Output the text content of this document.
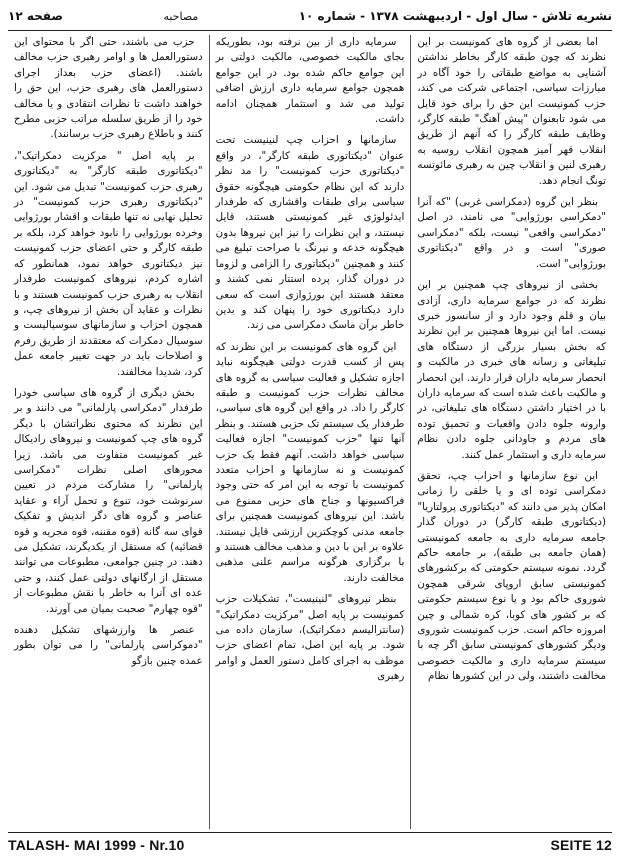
نشریه تلاش - سال اول - اردیبهشت ۱۳۷۸ - شماره ۱۰
مصاحبه
صفحه ۱۲

اما بعضی از گروه های کمونیست بر این نظرند که چون طبقه کارگر بخاطر نداشتن آشنایی به مواضع طبقاتی را خود آگاه در مبارزات سیاسی، اجتماعی شرکت می کند، حزب کمونیست این حق را برای خود قایل می شود تابعنوان "پیش آهنگ" طبقه کارگر، وظایف طبقه کارگر را که آنهم از طریق انقلاب قهر آمیز همچون انقلاب روسیه به رهبری لنین و انقلاب چین به رهبری مائوتسه تونگ انجام دهد.

بنظر این گروه (دمکراسی غربی) "که آنرا "دمکراسی بورژوایی" می نامند، در اصل "دمکراسی واقعی" نیست، بلکه "دمکراسی صوری" است و در واقع "دیکتاتوری بورژوایی" است.

بخشی از نیروهای چپ همچنین بر این نظرند که در جوامع سرمایه داری، آزادی بیان و قلم وجود دارد و از سانسور خبری نیست. اما این نیروها همچنین بر این نظرند که بخش بسیار بزرگی از دستگاه های تبلیغاتی و رسانه های خبری در مالکیت و انحصار سرمایه داران قرار دارند. این انحصار و مالکیت باعث شده است که سرمایه داران با در اختیار داشتن دستگاه های تبلیغاتی، در وارونه جلوه دادن واقعیات و تحمیق توده های مردم و جاودانی جلوه دادن نظام سرمایه داری و استثمار عمل کنند.

این نوع سازمانها و احزاب چپ، تحقق دمکراسی توده ای و یا خلقی را زمانی امکان پذیر می دانند که "دیکتاتوری پرولتاریا" (دیکتاتوری طبقه کارگر) در دوران گذار جامعه سرمایه داری به جامعه کمونیستی (همان جامعه بی طبقه)، بر جامعه حاکم گردد. نمونه سیستم حکومتی که برکشورهای کمونیستی سابق اروپای شرقی همچون شوروی حاکم بود و یا نوع سیستم حکومتی که بر کشور های کوبا، کره شمالی و چین امروزه حاکم است. حزب کمونیست شوروی ودیگر کشورهای کمونیستی سابق اگر چه با سیستم سرمایه داری و مالکیت خصوصی مخالفت داشتند، ولی در این کشورها نظام

سرمایه داری از بین نرفته بود، بطوریکه بجای مالکیت خصوصی، مالکیت دولتی بر این جوامع حاکم شده بود. در این جوامع همچون جوامع سرمایه داری ارزش اضافی تولید می شد و استثمار همچنان ادامه داشت.

سازمانها و احزاب چپ لنینیست تحت عنوان "دیکتاتوری طبقه کارگر"، در واقع "دیکتاتوری حزب کمونیست" را مد نظر دارند که این نظام حکومتی هیچگونه حقوق سیاسی برای طبقات واقشاری که طرفدار ایدئولوژی غیر کمونیستی هستند، قایل نیستند، و این نظرات را نیز این نیروها بدون هیچگونه خدعه و نیرنگ با صراحت تبلیغ می کنند و همچنین "دیکتاتوری را الزامی و لزوما در دوران گذار، پرده استتار نمی کشند و معتقد هستند این بورژوازی است که سعی دارد دیکتاتوری خود را پنهان کند و بدین خاطر برآن ماسک دمکراسی می زند.

این گروه های کمونیست بر این نظرند که پس از کسب قدرت دولتی هیچگونه نباید اجازه تشکیل و فعالیت سیاسی به گروه های مخالف نظرات حزب کمونیست و طبقه کارگر را داد. در واقع این گروه های سیاسی، طرفدار یک سیستم تک حزبی هستند. و بنظر آنها تنها "حزب کمونیست" اجازه فعالیت سیاسی خواهد داشت. آنهم فقط یک حزب کمونیست و نه سازمانها و احزاب متعدد کمونیست با توجه به این امر که حتی وجود فراکسیونها و جناح های حزبی ممنوع می باشد. این نیروهای کمونیست همچنین برای جامعه مدنی کوچکترین ارزشی قایل نیستند. علاوه بر این با دین و مذهب مخالف هستند و با برگزاری هرگونه مراسم علنی مذهبی مخالفت دارند.

بنظر نیروهای "لنینیست"، تشکیلات حزب کمونیست بر پایه اصل "مرکزیت دمکراتیک" (سانترالیسم دمکراتیک)، سازمان داده می شود. بر پایه این اصل، تمام اعضای حزب موظف به اجرای کامل دستور العمل و اوامر رهبری

حزب می باشند، حتی اگر با محتوای این دستورالعمل ها و اوامر رهبری حزب مخالف باشند. (اعضای حزب بعداز اجرای دستورالعمل های رهبری حزب، این حق را خواهند داشت تا نظرات انتقادی و یا مخالف خود را از طریق سلسله مراتب حزبی مطرح کنند و باطلاع رهبری حزب برسانند).

بر پایه اصل " مرکزیت دمکراتیک"، "دیکتاتوری طبقه کارگر" به "دیکتاتوری رهبری حزب کمونیست" تبدیل می شود. این "دیکتاتوری رهبری حزب کمونیست" در تحلیل نهایی نه تنها طبقات و اقشار بورژوایی وخرده بورژوایی را نابود خواهد کرد، بلکه بر طبقه کارگر و حتی اعضای حزب کمونیست نیز دیکتاتوری خواهد نمود، همانطور که اشاره کردم، نیروهای کمونیست طرفدار انقلاب به رهبری حزب کمونیست هستند و با نظرات و عقاید آن بخش از نیروهای چپ، و همچون احزاب و سازمانهای سوسیالیست و سوسیال دمکرات که معتقدند از طریق رفرم و اصلاحات باید در جهت تغییر جامعه عمل کرد، شدیدا مخالفند.

بخش دیگری از گروه های سیاسی خودرا طرفدار "دمکراسی پارلمانی" می دانند و بر این نظرند که محتوی نظراتشان با دیگر گروه های چپ کمونیست و نیروهای رادیکال غیر کمونیست متفاوت می باشد. زیرا محورهای اصلی نظرات "دمکراسی پارلمانی" را مشارکت مردم در تعیین سرنوشت خود، تنوع و تحمل آراء و عقاید عناصر و گروه های دگر اندیش و تفکیک قوای سه گانه (قوه مقننه، قوه مجریه و قوه قضائیه) که مستقل از یکدیگرند، تشکیل می دهند. در چنین جوامعی، مطبوعات می توانند مستقل از ارگانهای دولتی عمل کنند، و حتی عده ای آنرا به خاطر با نقش مطبوعات از "قوه چهارم" صحبت بمیان می آورند.

عنصر ها وارزشهای تشکیل دهنده "دموکراسی پارلمانی" را می توان بطور عمده چنین بازگو

TALASH- MAI 1999 - Nr.10	SEITE 12
